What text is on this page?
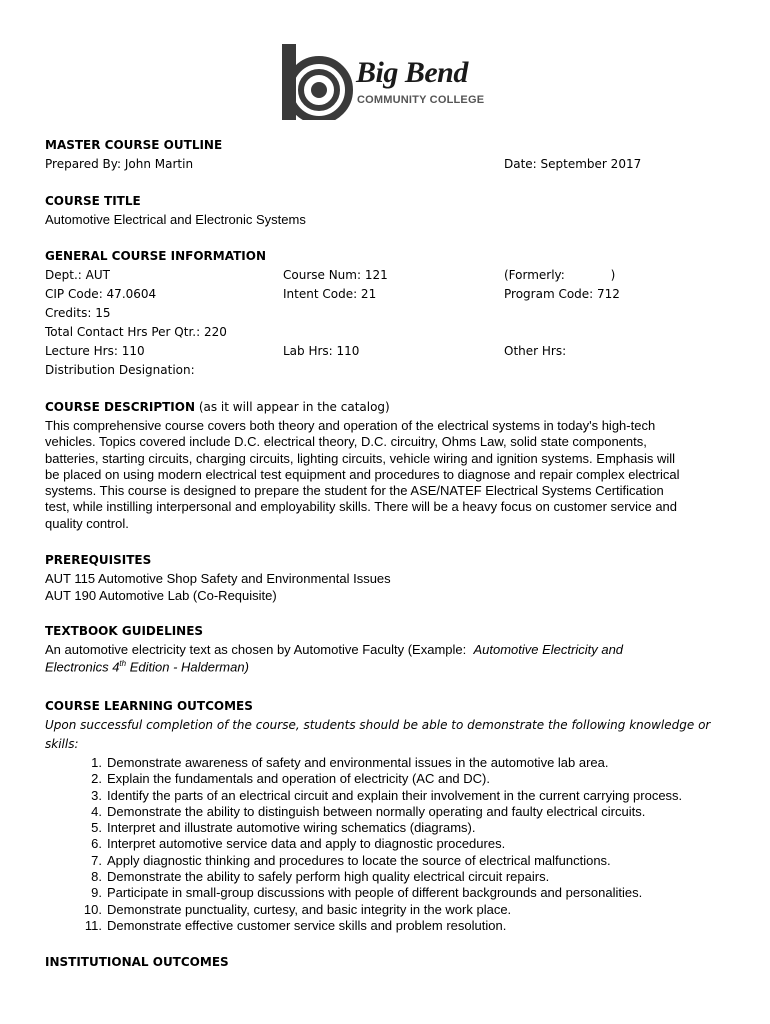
Big Bend
COMMUNITY COLLEGE
MASTER COURSE OUTLINE
Prepared By: John Martin	Date: September 2017
COURSE TITLE
Automotive Electrical and Electronic Systems
GENERAL COURSE INFORMATION
Dept.: AUT	Course Num: 121	(Formerly:            )
CIP Code: 47.0604	Intent Code: 21	Program Code: 712
Credits: 15
Total Contact Hrs Per Qtr.: 220
Lecture Hrs: 110	Lab Hrs: 110	Other Hrs:
Distribution Designation:
COURSE DESCRIPTION (as it will appear in the catalog)
This comprehensive course covers both theory and operation of the electrical systems in today's high-tech
vehicles. Topics covered include D.C. electrical theory, D.C. circuitry, Ohms Law, solid state components,
batteries, starting circuits, charging circuits, lighting circuits, vehicle wiring and ignition systems. Emphasis will
be placed on using modern electrical test equipment and procedures to diagnose and repair complex electrical
systems. This course is designed to prepare the student for the ASE/NATEF Electrical Systems Certification
test, while instilling interpersonal and employability skills. There will be a heavy focus on customer service and
quality control.
PREREQUISITES
AUT 115 Automotive Shop Safety and Environmental Issues
AUT 190 Automotive Lab (Co-Requisite)
TEXTBOOK GUIDELINES
An automotive electricity text as chosen by Automotive Faculty (Example:  Automotive Electricity and
Electronics 4th Edition - Halderman)
COURSE LEARNING OUTCOMES
Upon successful completion of the course, students should be able to demonstrate the following knowledge or
skills:
1. Demonstrate awareness of safety and environmental issues in the automotive lab area.
2. Explain the fundamentals and operation of electricity (AC and DC).
3. Identify the parts of an electrical circuit and explain their involvement in the current carrying process.
4. Demonstrate the ability to distinguish between normally operating and faulty electrical circuits.
5. Interpret and illustrate automotive wiring schematics (diagrams).
6. Interpret automotive service data and apply to diagnostic procedures.
7. Apply diagnostic thinking and procedures to locate the source of electrical malfunctions.
8. Demonstrate the ability to safely perform high quality electrical circuit repairs.
9. Participate in small-group discussions with people of different backgrounds and personalities.
10. Demonstrate punctuality, curtesy, and basic integrity in the work place.
11. Demonstrate effective customer service skills and problem resolution.
INSTITUTIONAL OUTCOMES
